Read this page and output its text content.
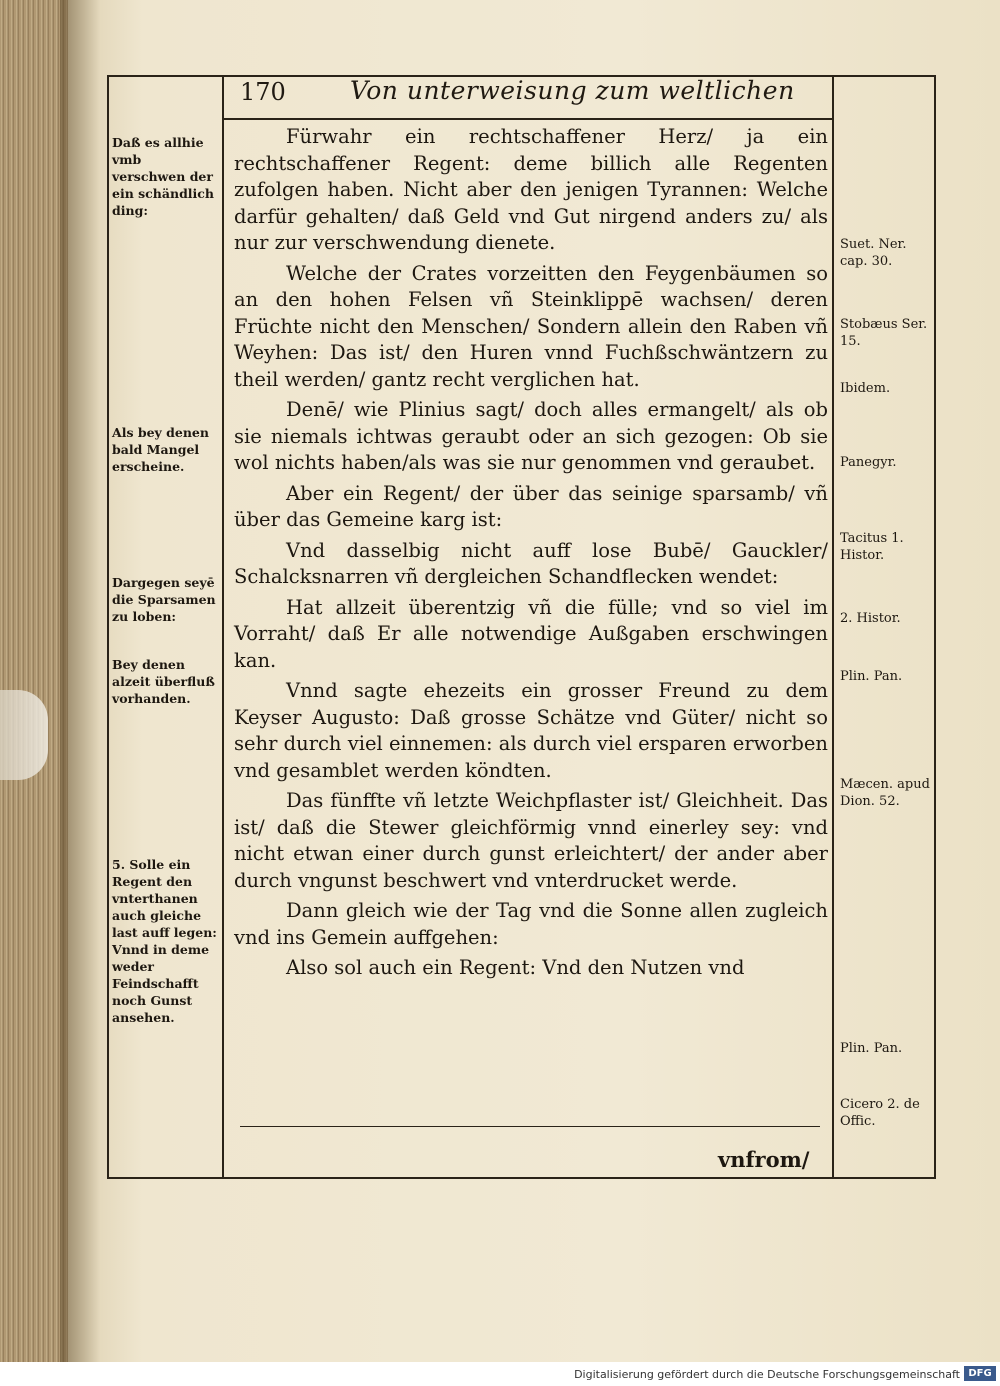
170	Von unterweisung zum weltlichen

Fürwahr ein rechtschaffener Herz/ ja ein rechtschaffener Regent: deme billich alle Regenten zufolgen haben. Nicht aber den jenigen Tyrannen: Welche darfür gehalten/ daß Geld vnd Gut nirgend anders zu/ als nur zur verschwendung dienete.

Welche der Crates vorzeitten den Feygenbäumen so an den hohen Felsen vñ Steinklippē wachsen/ deren Früchte nicht den Menschen/ Sondern allein den Raben vñ Weyhen: Das ist/ den Huren vnnd Fuchßschwäntzern zu theil werden/ gantz recht verglichen hat.

Denē/ wie Plinius sagt/ doch alles ermangelt/ als ob sie niemals ichtwas geraubt oder an sich gezogen: Ob sie wol nichts haben/als was sie nur genommen vnd geraubet.

Aber ein Regent/ der über das seinige sparsamb/ vñ über das Gemeine karg ist:

Vnd dasselbig nicht auff lose Bubē/ Gauckler/ Schalcksnarren vñ dergleichen Schandflecken wendet:

Hat allzeit überentzig vñ die fülle; vnd so viel im Vorraht/ daß Er alle notwendige Außgaben erschwingen kan.

Vnnd sagte ehezeits ein grosser Freund zu dem Keyser Augusto: Daß grosse Schätze vnd Güter/ nicht so sehr durch viel einnemen: als durch viel ersparen erworben vnd gesamblet werden köndten.

Das fünffte vñ letzte Weichpflaster ist/ Gleichheit. Das ist/ daß die Stewer gleichförmig vnnd einerley sey: vnd nicht etwan einer durch gunst erleichtert/ der ander aber durch vngunst beschwert vnd vnterdrucket werde.

Dann gleich wie der Tag vnd die Sonne allen zugleich vnd ins Gemein auffgehen:

Also sol auch ein Regent: Vnd den Nutzen vnd

Daß es allhie vmb verschwen der ein schändlich ding:
Als bey denen bald Mangel erscheine.
Dargegen seyē die Sparsamen zu loben:
Bey denen alzeit überfluß vorhanden.
5. Solle ein Regent den vnterthanen auch gleiche last auff legen: Vnnd in deme weder Feindschafft noch Gunst ansehen.
Suet. Ner. cap. 30.
Stobæus Ser. 15.
Ibidem.
Panegyr.
Tacitus 1. Histor.
2. Histor.
Plin. Pan.
Mæcen. apud Dion. 52.
Plin. Pan.
Cicero 2. de Offic.
vnfrom/
Digitalisierung gefördert durch die Deutsche Forschungsgemeinschaft DFG
